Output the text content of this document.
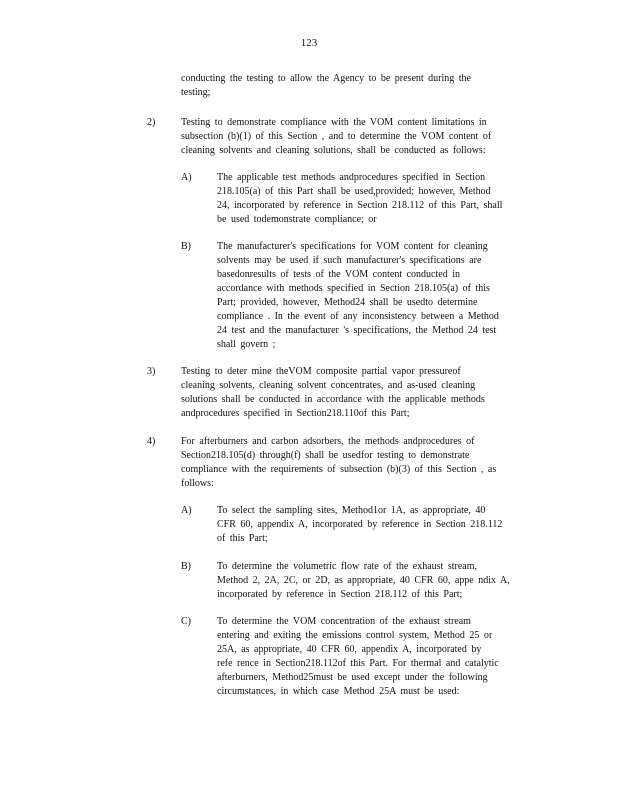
123
conducting the testing to allow the Agency to be present during the
testing;
2)	Testing to demonstrate compliance with the VOM content limitations in
subsection (b)(1) of this Section , and to determine the VOM content of
cleaning solvents and cleaning solutions, shall be conducted as follows:
A)	The applicable test methods andprocedures specified in Section
218.105(a) of this Part shall be used,provided; however, Method
24, incorporated by reference in Section 218.112 of this Part, shall
be used todemonstrate compliance; or
B)	The manufacturer's specifications for VOM content for cleaning
solvents may be used if such manufacturer's specifications are
basedonresults of tests of the VOM content conducted in
accordance with methods specified in Section 218.105(a) of this
Part; provided, however, Method24 shall be usedto determine
compliance . In the event of any inconsistency between a Method
24 test and the manufacturer 's specifications, the Method 24 test
shall govern ;
3)	Testing to deter mine theVOM composite partial vapor pressureof
cleaning solvents, cleaning solvent concentrates, and as-used cleaning
solutions shall be conducted in accordance with the applicable methods
andprocedures specified in Section218.110of this Part;
4)	For afterburners and carbon adsorbers, the methods andprocedures of
Section218.105(d) through(f) shall be usedfor testing to demonstrate
compliance with the requirements of subsection (b)(3) of this Section , as
follows:
A)	To select the sampling sites, Method1or 1A, as appropriate, 40
CFR 60, appendix A, incorporated by reference in Section 218.112
of this Part;
B)	To determine the volumetric flow rate of the exhaust stream,
Method 2, 2A, 2C, or 2D, as appropriate, 40 CFR 60, appe ndix A,
incorporated by reference in Section 218.112 of this Part;
C)	To determine the VOM concentration of the exhaust stream
entering and exiting the emissions control system, Method 25 or
25A, as appropriate, 40 CFR 60, appendix A, incorporated by
refe rence in Section218.112of this Part. For thermal and catalytic
afterburners, Method25must be used except under the following
circumstances, in which case Method 25A must be used:
